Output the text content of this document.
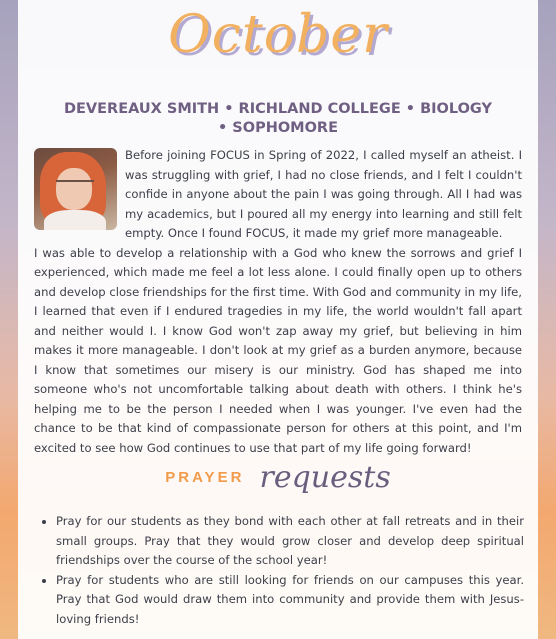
October
DEVEREAUX SMITH • RICHLAND COLLEGE • BIOLOGY • SOPHOMORE

Before joining FOCUS in Spring of 2022, I called myself an atheist. I was struggling with grief, I had no close friends, and I felt I couldn't confide in anyone about the pain I was going through. All I had was my academics, but I poured all my energy into learning and still felt empty. Once I found FOCUS, it made my grief more manageable.

I was able to develop a relationship with a God who knew the sorrows and grief I experienced, which made me feel a lot less alone. I could finally open up to others and develop close friendships for the first time. With God and community in my life, I learned that even if I endured tragedies in my life, the world wouldn't fall apart and neither would I. I know God won't zap away my grief, but believing in him makes it more manageable. I don't look at my grief as a burden anymore, because I know that sometimes our misery is our ministry. God has shaped me into someone who's not uncomfortable talking about death with others. I think he's helping me to be the person I needed when I was younger. I've even had the chance to be that kind of compassionate person for others at this point, and I'm excited to see how God continues to use that part of my life going forward!

PRAYER requests
• Pray for our students as they bond with each other at fall retreats and in their small groups. Pray that they would grow closer and develop deep spiritual friendships over the course of the school year!
• Pray for students who are still looking for friends on our campuses this year. Pray that God would draw them into community and provide them with Jesus-loving friends!
